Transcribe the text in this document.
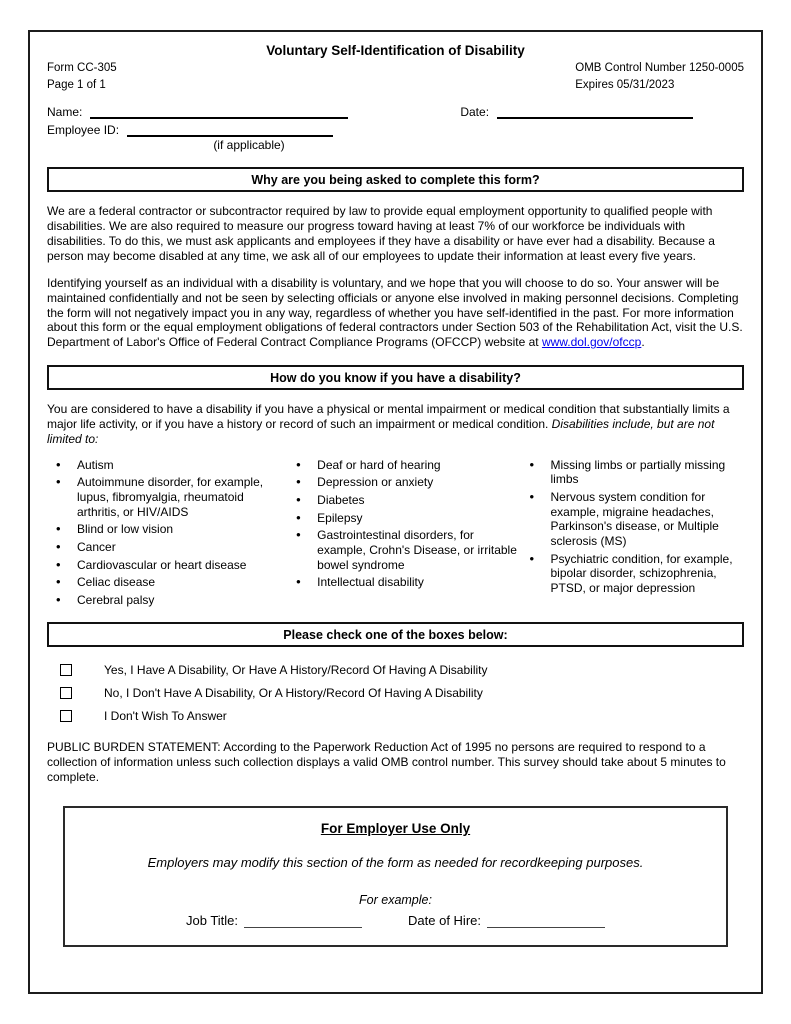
Voluntary Self-Identification of Disability
Form CC-305
Page 1 of 1
OMB Control Number 1250-0005
Expires 05/31/2023
Name:	Date:
Employee ID:
(if applicable)
Why are you being asked to complete this form?
We are a federal contractor or subcontractor required by law to provide equal employment opportunity to qualified people with disabilities. We are also required to measure our progress toward having at least 7% of our workforce be individuals with disabilities. To do this, we must ask applicants and employees if they have a disability or have ever had a disability. Because a person may become disabled at any time, we ask all of our employees to update their information at least every five years.
Identifying yourself as an individual with a disability is voluntary, and we hope that you will choose to do so. Your answer will be maintained confidentially and not be seen by selecting officials or anyone else involved in making personnel decisions. Completing the form will not negatively impact you in any way, regardless of whether you have self-identified in the past. For more information about this form or the equal employment obligations of federal contractors under Section 503 of the Rehabilitation Act, visit the U.S. Department of Labor's Office of Federal Contract Compliance Programs (OFCCP) website at www.dol.gov/ofccp.
How do you know if you have a disability?
You are considered to have a disability if you have a physical or mental impairment or medical condition that substantially limits a major life activity, or if you have a history or record of such an impairment or medical condition. Disabilities include, but are not limited to:
• Autism
• Autoimmune disorder, for example, lupus, fibromyalgia, rheumatoid arthritis, or HIV/AIDS
• Blind or low vision
• Cancer
• Cardiovascular or heart disease
• Celiac disease
• Cerebral palsy
• Deaf or hard of hearing
• Depression or anxiety
• Diabetes
• Epilepsy
• Gastrointestinal disorders, for example, Crohn's Disease, or irritable bowel syndrome
• Intellectual disability
• Missing limbs or partially missing limbs
• Nervous system condition for example, migraine headaches, Parkinson's disease, or Multiple sclerosis (MS)
• Psychiatric condition, for example, bipolar disorder, schizophrenia, PTSD, or major depression
Please check one of the boxes below:
Yes, I Have A Disability, Or Have A History/Record Of Having A Disability
No, I Don't Have A Disability, Or A History/Record Of Having A Disability
I Don't Wish To Answer
PUBLIC BURDEN STATEMENT: According to the Paperwork Reduction Act of 1995 no persons are required to respond to a collection of information unless such collection displays a valid OMB control number. This survey should take about 5 minutes to complete.
For Employer Use Only
Employers may modify this section of the form as needed for recordkeeping purposes.
For example:
Job Title:	Date of Hire:
